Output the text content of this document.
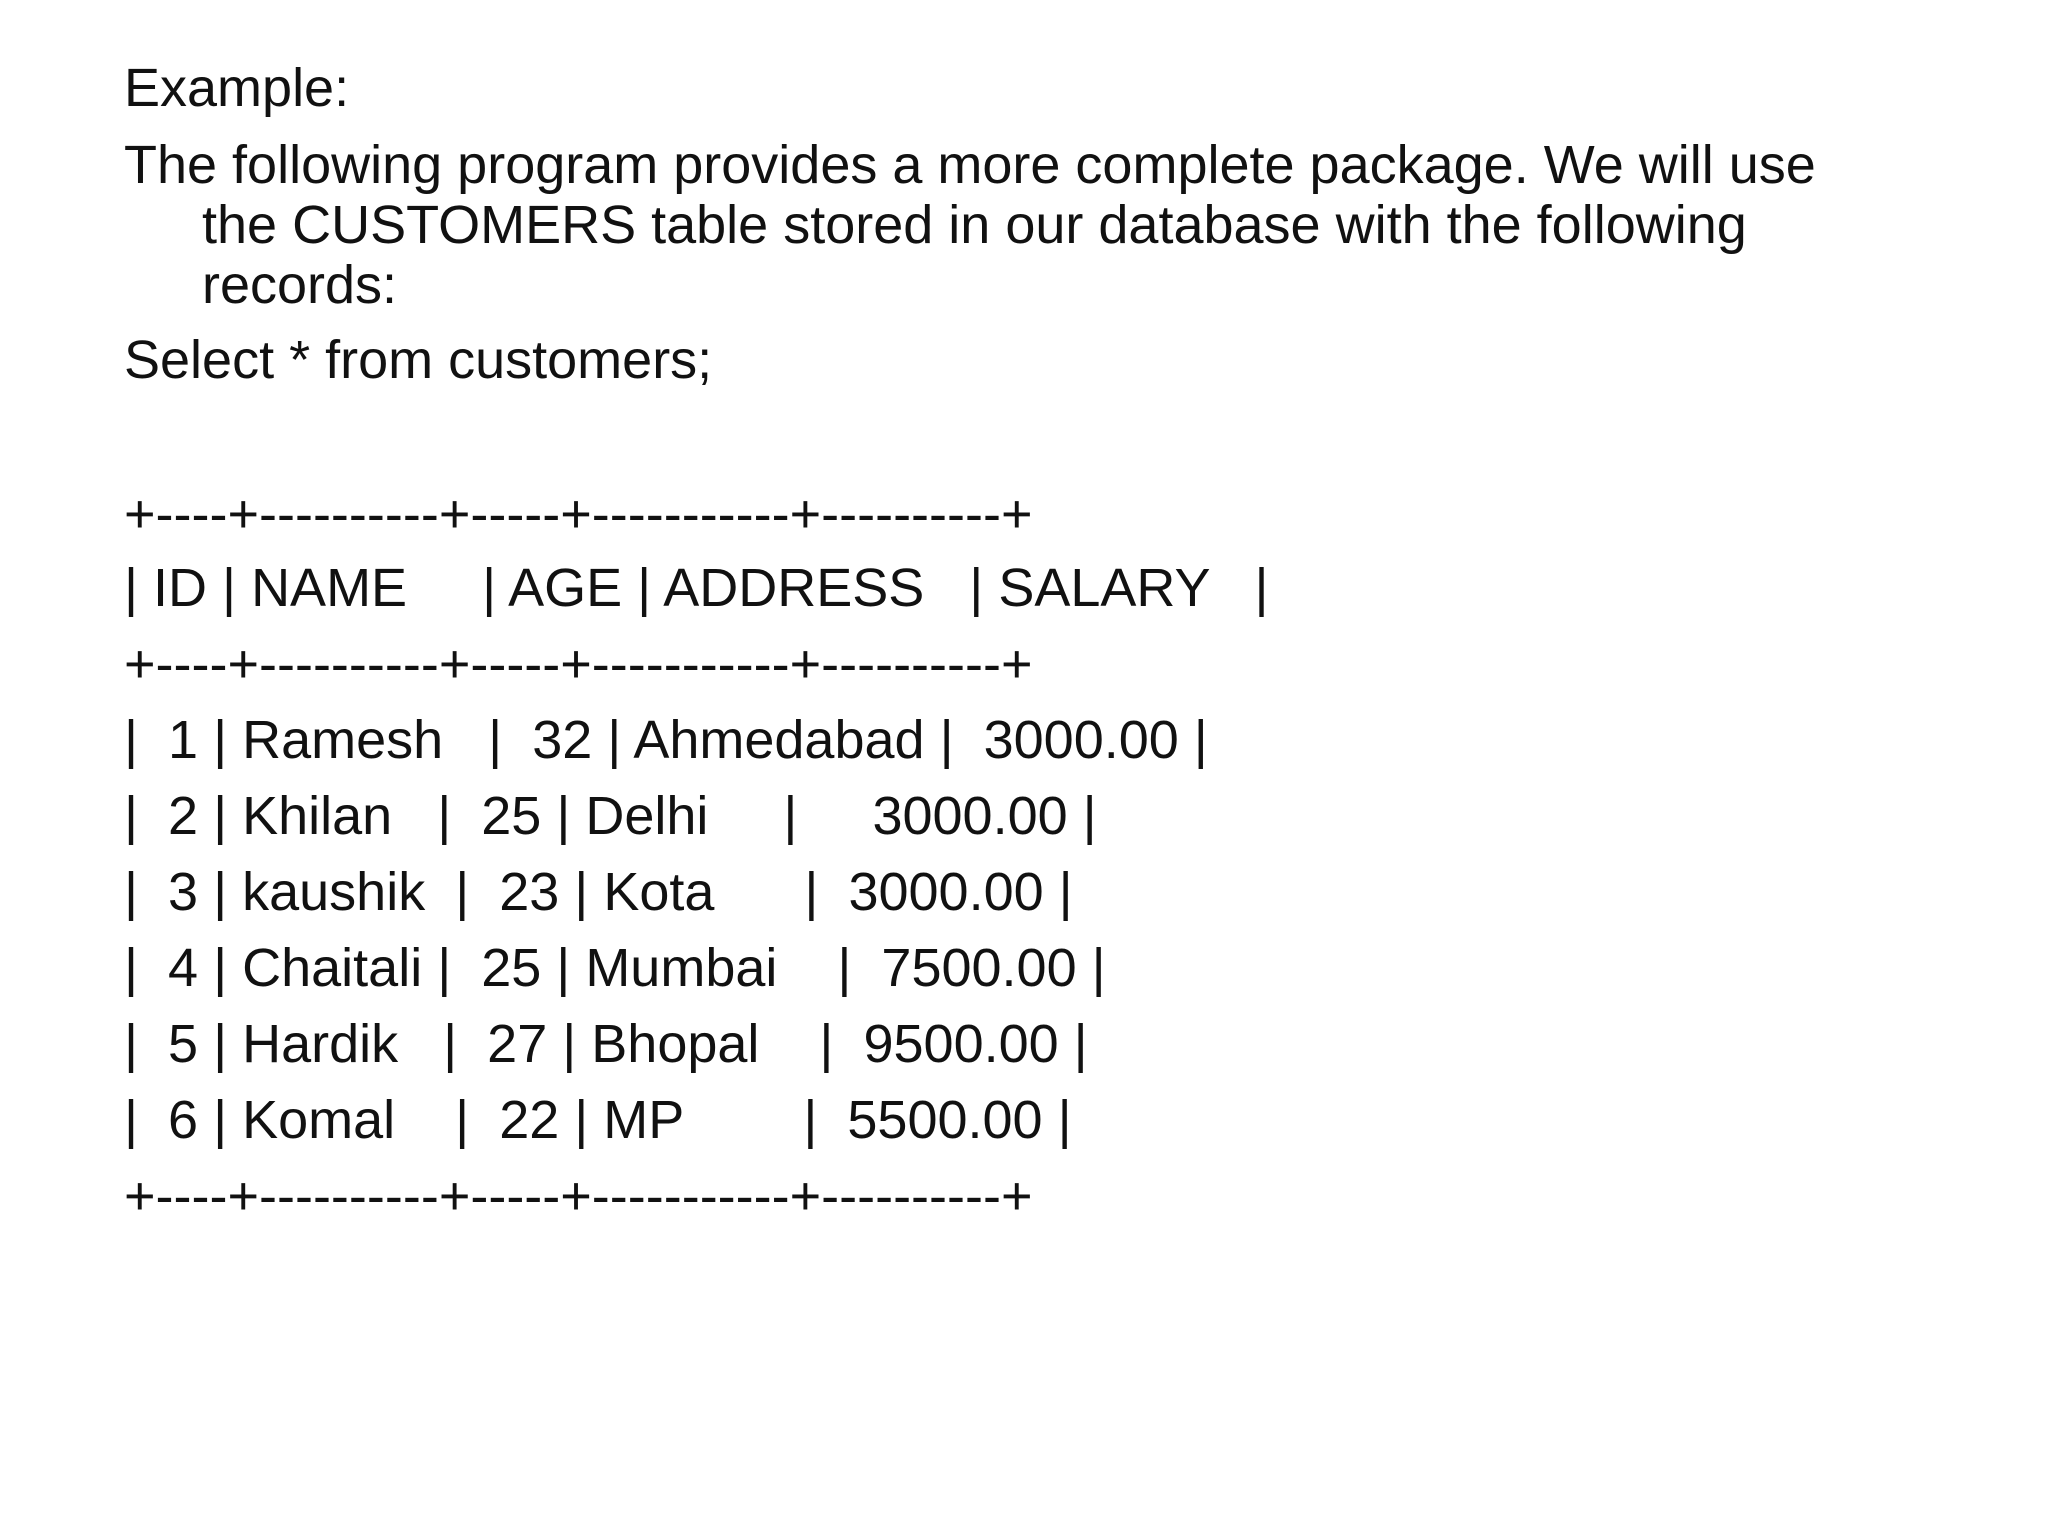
Example:

The following program provides a more complete package. We will use
the CUSTOMERS table stored in our database with the following
records:

Select * from customers;

+----+----------+-----+-----------+----------+

| ID | NAME     | AGE | ADDRESS   | SALARY   |

+----+----------+-----+-----------+----------+

|  1 | Ramesh   |  32 | Ahmedabad |  3000.00 |

|  2 | Khilan   |  25 | Delhi     |     3000.00 |

|  3 | kaushik  |  23 | Kota      |  3000.00 |

|  4 | Chaitali |  25 | Mumbai    |  7500.00 |

|  5 | Hardik   |  27 | Bhopal    |  9500.00 |

|  6 | Komal    |  22 | MP        |  5500.00 |

+----+----------+-----+-----------+----------+
